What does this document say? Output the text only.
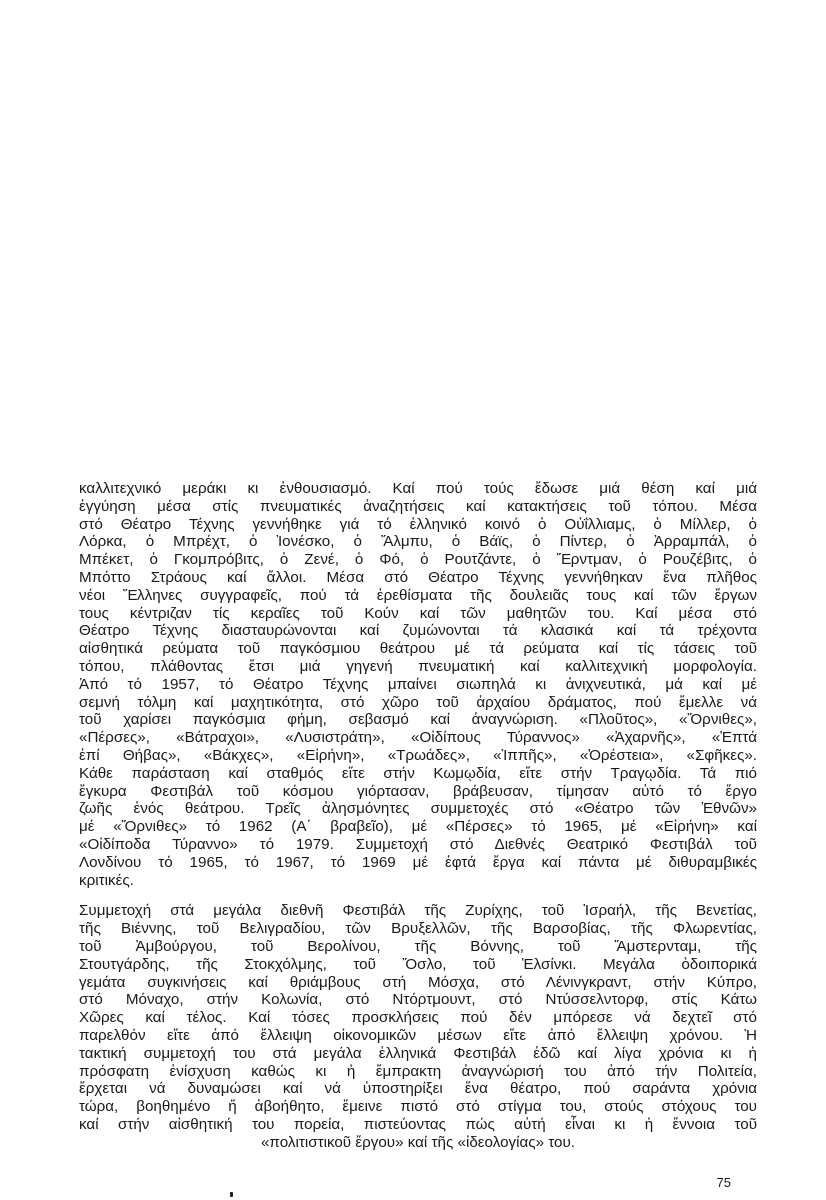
καλλιτεχνικό μεράκι κι ἐνθουσιασμό. Καί πού τούς ἔδωσε μιά θέση καί μιά
ἐγγύηση μέσα στίς πνευματικές ἀναζητήσεις καί κατακτήσεις τοῦ τόπου. Μέσα
στό Θέατρο Τέχνης γεννήθηκε γιά τό ἑλληνικό κοινό ὁ Οὐΐλλιαμς, ὁ Μίλλερ, ὁ
Λόρκα, ὁ Μπρέχτ, ὁ Ἰονέσκο, ὁ Ἄλμπυ, ὁ Βάϊς, ὁ Πίντερ, ὁ Ἀρραμπάλ, ὁ
Μπέκετ, ὁ Γκομπρόβιτς, ὁ Ζενέ, ὁ Φό, ὁ Ρουτζάντε, ὁ Ἔρντμαν, ὁ Ρουζέβιτς, ὁ
Μπόττο Στράους καί ἄλλοι. Μέσα στό Θέατρο Τέχνης γεννήθηκαν ἕνα πλῆθος
νέοι Ἕλληνες συγγραφεῖς, πού τά ἐρεθίσματα τῆς δουλειᾶς τους καί τῶν ἔργων
τους κέντριζαν τίς κεραῖες τοῦ Κούν καί τῶν μαθητῶν του. Καί μέσα στό
Θέατρο Τέχνης διασταυρώνονται καί ζυμώνονται τά κλασικά καί τά τρέχοντα
αἰσθητικά ρεύματα τοῦ παγκόσμιου θεάτρου μέ τά ρεύματα καί τίς τάσεις τοῦ
τόπου, πλάθοντας ἔτσι μιά γηγενή πνευματική καί καλλιτεχνική μορφολογία.
Ἀπό τό 1957, τό Θέατρο Τέχνης μπαίνει σιωπηλά κι ἀνιχνευτικά, μά καί μέ
σεμνή τόλμη καί μαχητικότητα, στό χῶρο τοῦ ἀρχαίου δράματος, πού ἔμελλε νά
τοῦ χαρίσει παγκόσμια φήμη, σεβασμό καί ἀναγνώριση. «Πλοῦτος», «Ὄρνιθες»,
«Πέρσες», «Βάτραχοι», «Λυσιστράτη», «Οἰδίπους Τύραννος» «Ἀχαρνῆς», «Ἑπτά
ἐπί Θήβας», «Βάκχες», «Εἰρήνη», «Τρωάδες», «Ἱππῆς», «Ὀρέστεια», «Σφῆκες».
Κάθε παράσταση καί σταθμός εἴτε στήν Κωμῳδία, εἴτε στήν Τραγῳδία. Τά πιό
ἔγκυρα Φεστιβάλ τοῦ κόσμου γιόρτασαν, βράβευσαν, τίμησαν αὐτό τό ἔργο
ζωῆς ἑνός θεάτρου. Τρεῖς ἀλησμόνητες συμμετοχές στό «Θέατρο τῶν Ἐθνῶν»
μέ «Ὄρνιθες» τό 1962 (Α΄ βραβεῖο), μέ «Πέρσες» τό 1965, μέ «Εἰρήνη» καί
«Οἰδίποδα Τύραννο» τό 1979. Συμμετοχή στό Διεθνές Θεατρικό Φεστιβάλ τοῦ
Λονδίνου τό 1965, τό 1967, τό 1969 μέ ἑφτά ἔργα καί πάντα μέ διθυραμβικές
κριτικές.
Συμμετοχή στά μεγάλα διεθνῆ Φεστιβάλ τῆς Ζυρίχης, τοῦ Ἰσραήλ, τῆς Βενετίας,
τῆς Βιέννης, τοῦ Βελιγραδίου, τῶν Βρυξελλῶν, τῆς Βαρσοβίας, τῆς Φλωρεντίας,
τοῦ Ἁμβούργου, τοῦ Βερολίνου, τῆς Βόννης, τοῦ Ἄμστερνταμ, τῆς
Στουτγάρδης, τῆς Στοκχόλμης, τοῦ Ὄσλο, τοῦ Ἑλσίνκι. Μεγάλα ὁδοιπορικά
γεμάτα συγκινήσεις καί θριάμβους στή Μόσχα, στό Λένινγκραντ, στήν Κύπρο,
στό Μόναχο, στήν Κολωνία, στό Ντόρτμουντ, στό Ντύσσελντορφ, στίς Κάτω
Χῶρες καί τέλος. Καί τόσες προσκλήσεις πού δέν μπόρεσε νά δεχτεῖ στό
παρελθόν εἴτε ἀπό ἔλλειψη οἰκονομικῶν μέσων εἴτε ἀπό ἔλλειψη χρόνου. Ἡ
τακτική συμμετοχή του στά μεγάλα ἑλληνικά Φεστιβάλ ἐδῶ καί λίγα χρόνια κι ἡ
πρόσφατη ἐνίσχυση καθώς κι ἡ ἔμπρακτη ἀναγνώρισή του ἀπό τήν Πολιτεία,
ἔρχεται νά δυναμώσει καί νά ὑποστηρίξει ἕνα θέατρο, πού σαράντα χρόνια
τώρα, βοηθημένο ἤ ἀβοήθητο, ἔμεινε πιστό στό στίγμα του, στούς στόχους του
καί στήν αἰσθητική του πορεία, πιστεύοντας πώς αὐτή εἶναι κι ἡ ἔννοια τοῦ
«πολιτιστικοῦ ἔργου» καί τῆς «ἰδεολογίας» του.
75
